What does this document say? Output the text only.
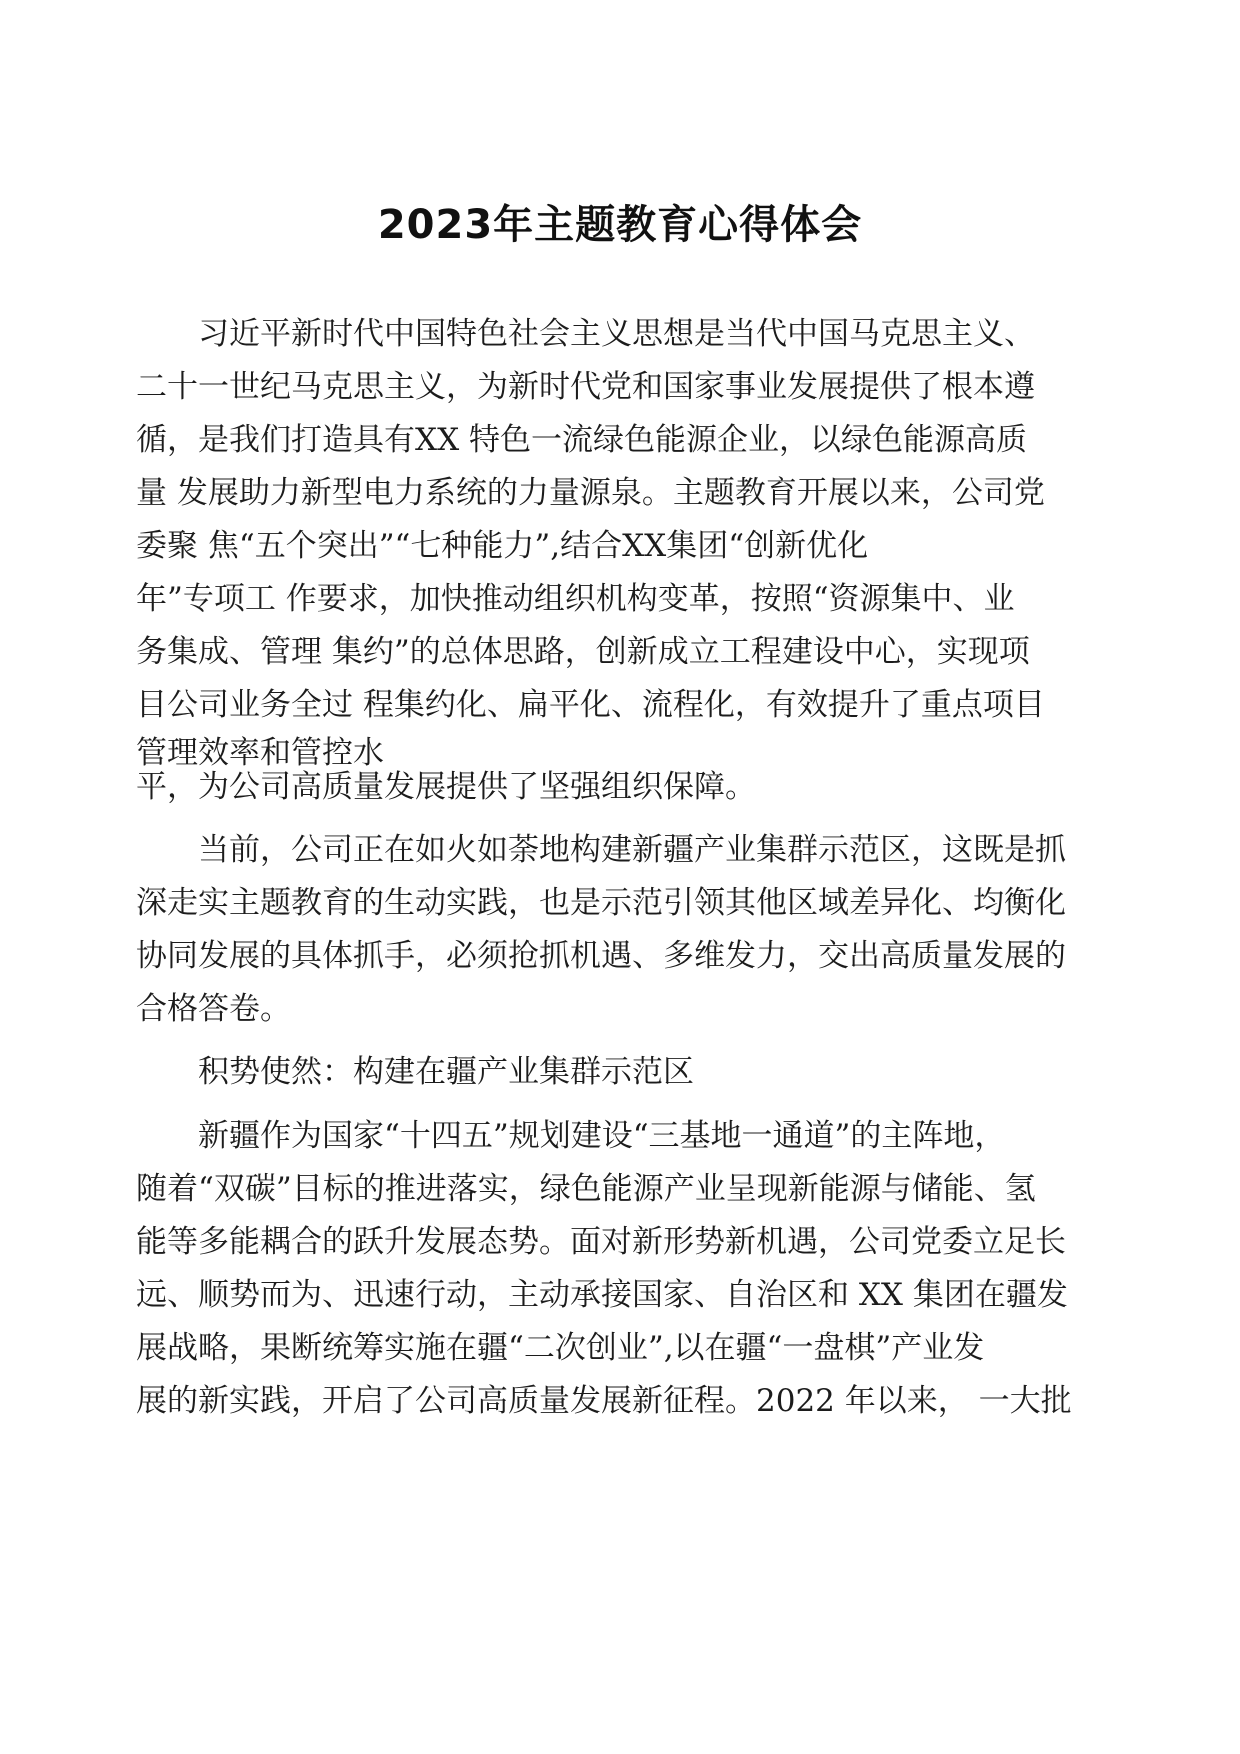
2023年主题教育心得体会
习近平新时代中国特色社会主义思想是当代中国马克思主义、
二十一世纪马克思主义，为新时代党和国家事业发展提供了根本遵
循，是我们打造具有XX 特色一流绿色能源企业，以绿色能源高质
量 发展助力新型电力系统的力量源泉。主题教育开展以来，公司党
委聚 焦“五个突出”“七种能力”,结合XX集团“创新优化
年”专项工 作要求，加快推动组织机构变革，按照“资源集中、业
务集成、管理 集约”的总体思路，创新成立工程建设中心，实现项
目公司业务全过 程集约化、扁平化、流程化，有效提升了重点项目
管理效率和管控水
平，为公司高质量发展提供了坚强组织保障。
当前，公司正在如火如荼地构建新疆产业集群示范区，这既是抓
深走实主题教育的生动实践，也是示范引领其他区域差异化、均衡化
协同发展的具体抓手，必须抢抓机遇、多维发力，交出高质量发展的
合格答卷。
积势使然：构建在疆产业集群示范区
新疆作为国家“十四五”规划建设“三基地一通道”的主阵地，
随着“双碳”目标的推进落实，绿色能源产业呈现新能源与储能、氢
能等多能耦合的跃升发展态势。面对新形势新机遇，公司党委立足长
远、顺势而为、迅速行动，主动承接国家、自治区和 XX 集团在疆发
展战略，果断统筹实施在疆“二次创业”,以在疆“一盘棋”产业发
展的新实践，开启了公司高质量发展新征程。2022 年以来， 一大批
